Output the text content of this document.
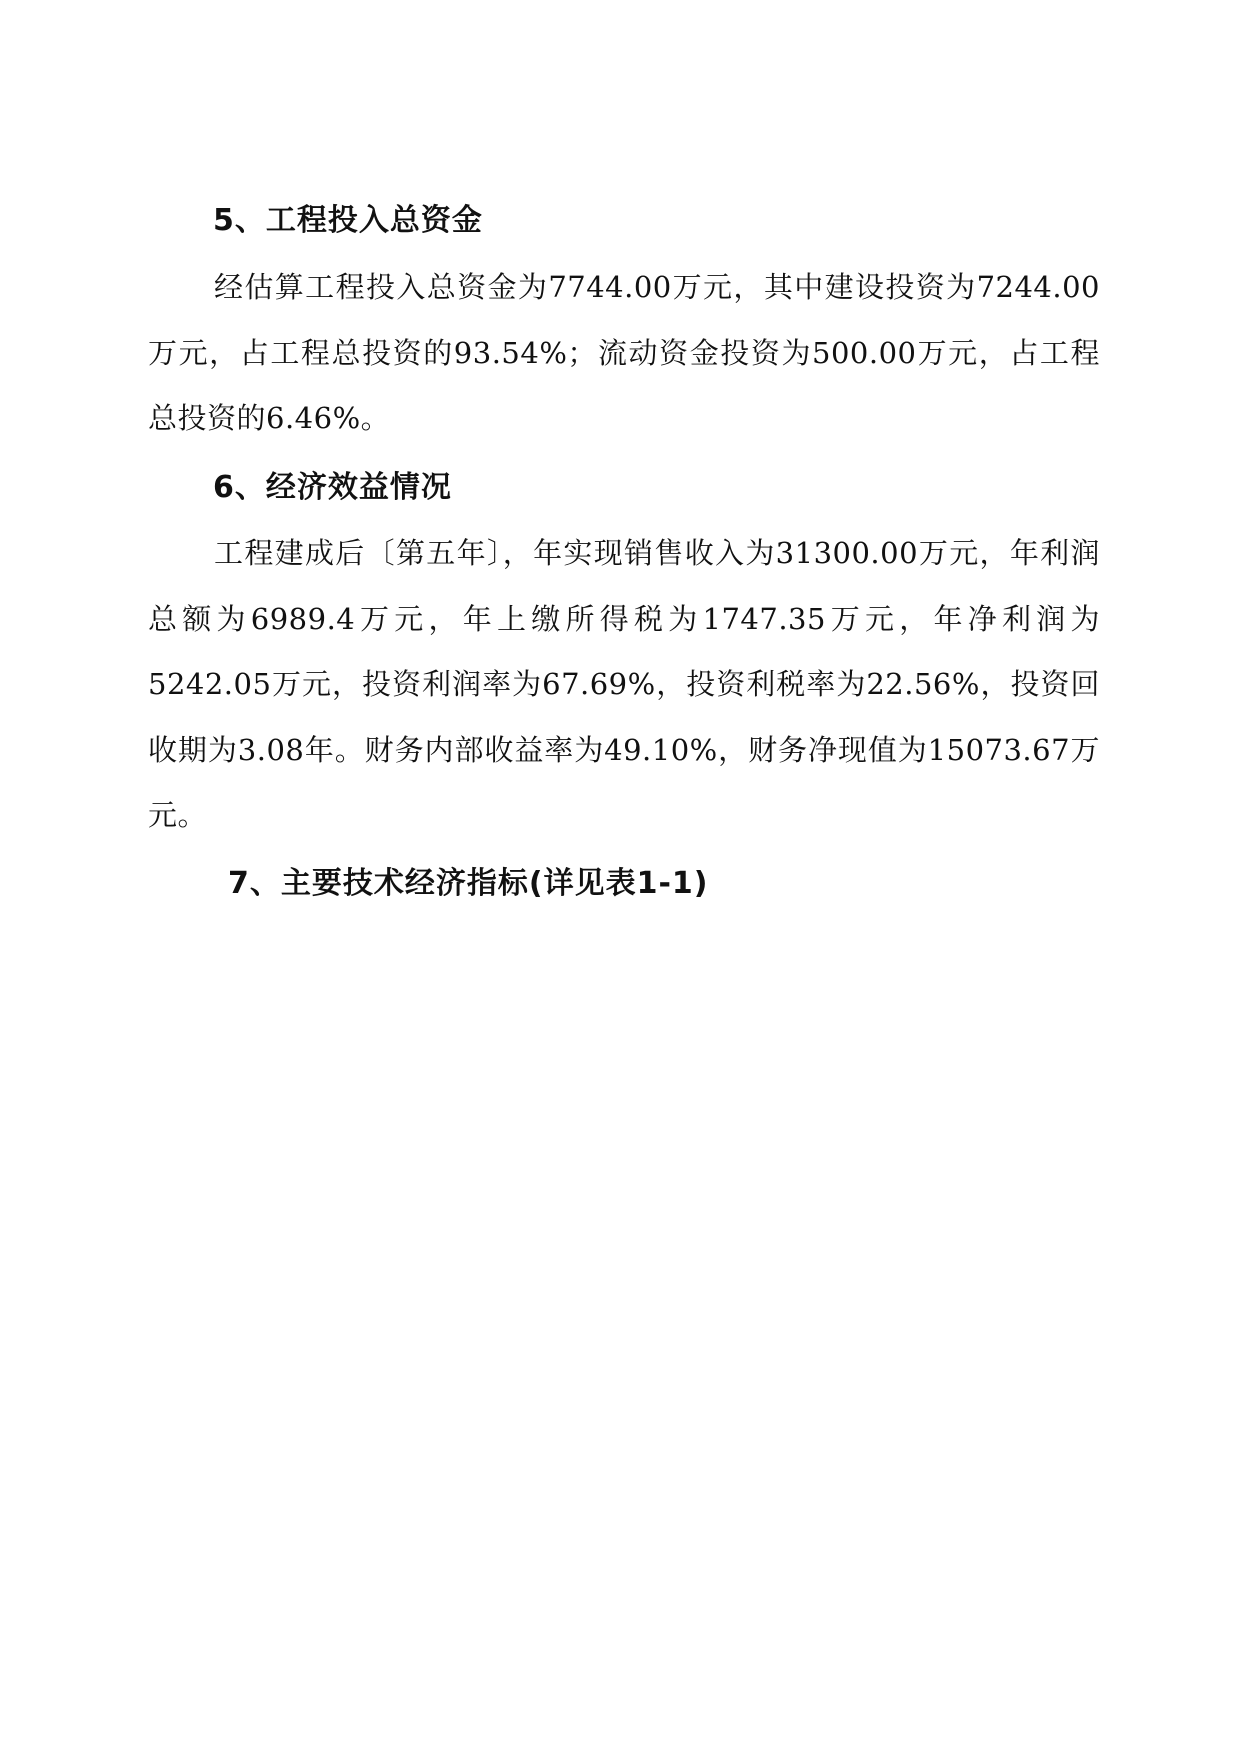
5、工程投入总资金
经估算工程投入总资金为7744.00万元，其中建设投资为7244.00万元，占工程总投资的93.54%；流动资金投资为500.00万元，占工程总投资的6.46%。
6、经济效益情况
工程建成后〔第五年〕，年实现销售收入为31300.00万元，年利润总额为6989.4万元，年上缴所得税为1747.35万元，年净利润为5242.05万元，投资利润率为67.69%，投资利税率为22.56%，投资回收期为3.08年。财务内部收益率为49.10%，财务净现值为15073.67万元。
7、主要技术经济指标(详见表1-1)
